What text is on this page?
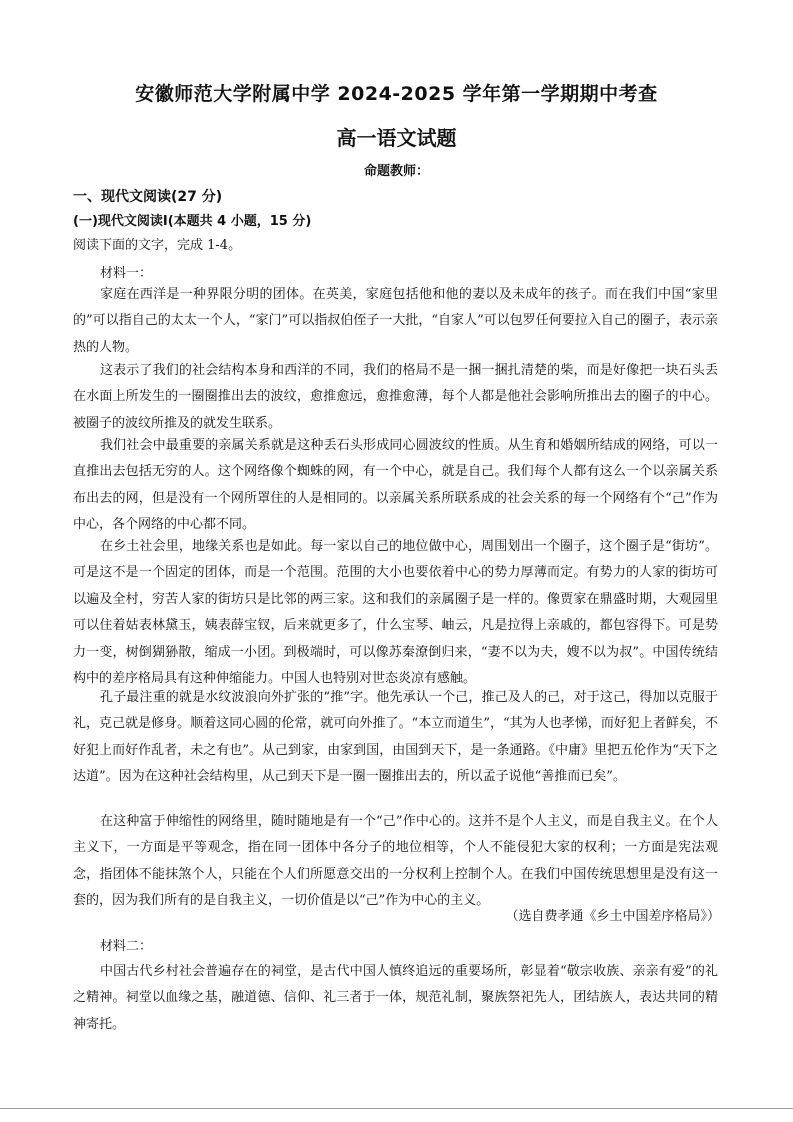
安徽师范大学附属中学 2024-2025 学年第一学期期中考查
高一语文试题
命题教师：
一、现代文阅读(27 分)
(一)现代文阅读Ⅰ(本题共 4 小题，15 分)
阅读下面的文字，完成 1-4。
材料一：

家庭在西洋是一种界限分明的团体。在英美，家庭包括他和他的妻以及未成年的孩子。而在我们中国“家里的”可以指自己的太太一个人，“家门”可以指叔伯侄子一大批，“自家人”可以包罗任何要拉入自己的圈子，表示亲热的人物。

这表示了我们的社会结构本身和西洋的不同，我们的格局不是一捆一捆扎清楚的柴，而是好像把一块石头丢在水面上所发生的一圈圈推出去的波纹，愈推愈远，愈推愈薄，每个人都是他社会影响所推出去的圈子的中心。被圈子的波纹所推及的就发生联系。

我们社会中最重要的亲属关系就是这种丢石头形成同心圆波纹的性质。从生育和婚姻所结成的网络，可以一直推出去包括无穷的人。这个网络像个蜘蛛的网，有一个中心，就是自己。我们每个人都有这么一个以亲属关系布出去的网，但是没有一个网所罩住的人是相同的。以亲属关系所联系成的社会关系的每一个网络有个“己”作为中心，各个网络的中心都不同。

在乡土社会里，地缘关系也是如此。每一家以自己的地位做中心，周围划出一个圈子，这个圈子是“街坊”。可是这不是一个固定的团体，而是一个范围。范围的大小也要依着中心的势力厚薄而定。有势力的人家的街坊可以遍及全村，穷苦人家的街坊只是比邻的两三家。这和我们的亲属圈子是一样的。像贾家在鼎盛时期，大观园里可以住着姑表林黛玉，姨表薛宝钗，后来就更多了，什么宝琴、岫云，凡是拉得上亲戚的，都包容得下。可是势力一变，树倒猢狲散，缩成一小团。到极端时，可以像苏秦潦倒归来，“妻不以为夫，嫂不以为叔”。中国传统结构中的差序格局具有这种伸缩能力。中国人也特别对世态炎凉有感触。

孔子最注重的就是水纹波浪向外扩张的“推”字。他先承认一个己，推己及人的己，对于这己，得加以克服于礼，克己就是修身。顺着这同心圆的伦常，就可向外推了。“本立而道生”，“其为人也孝悌，而好犯上者鲜矣，不好犯上而好作乱者，未之有也”。从己到家，由家到国，由国到天下，是一条通路。《中庸》里把五伦作为“天下之达道”。因为在这种社会结构里，从己到天下是一圈一圈推出去的，所以孟子说他“善推而已矣”。

在这种富于伸缩性的网络里，随时随地是有一个“己”作中心的。这并不是个人主义，而是自我主义。在个人主义下，一方面是平等观念，指在同一团体中各分子的地位相等，个人不能侵犯大家的权利；一方面是宪法观念，指团体不能抹煞个人，只能在个人们所愿意交出的一分权利上控制个人。在我们中国传统思想里是没有这一套的，因为我们所有的是自我主义，一切价值是以“己”作为中心的主义。

（选自费孝通《乡土中国差序格局》）
材料二：

中国古代乡村社会普遍存在的祠堂，是古代中国人慎终追远的重要场所，彰显着“敬宗收族、亲亲有爱”的礼之精神。祠堂以血缘之基，融道德、信仰、礼三者于一体，规范礼制，聚族祭祀先人，团结族人，表达共同的精神寄托。
